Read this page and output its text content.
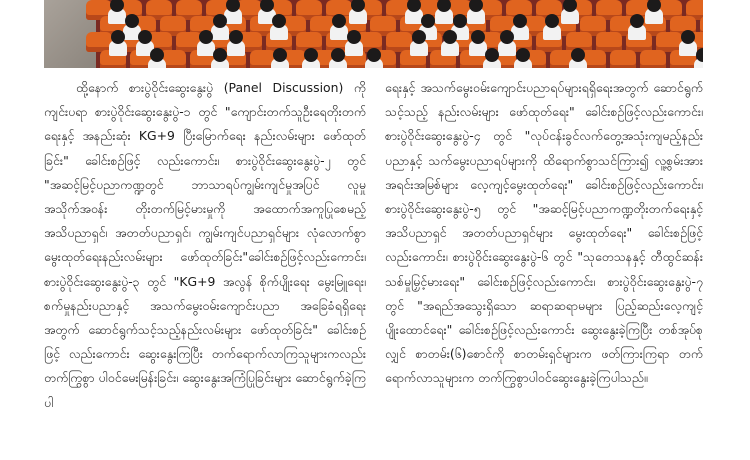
ထို့နောက် စားပွဲဝိုင်းဆွေးနွေးပွဲ (Panel Discussion) ကို ကျင်းပရာ စားပွဲဝိုင်းဆွေးနွေးပွဲ-၁ တွင် "ကျောင်းတက်သူဦးရေတိုးတက်ရေးနှင့် အနည်းဆုံး KG+9 ပြီးမြောက်ရေး နည်းလမ်းများ ဖော်ထုတ်ခြင်း" ခေါင်းစဉ်ဖြင့် လည်းကောင်း၊ စားပွဲဝိုင်းဆွေးနွေးပွဲ-၂ တွင် "အဆင့်မြင့်ပညာကဏ္ဍတွင် ဘာသာရပ်ကျွမ်းကျင်မှုအပြင် လူမှုအသိုက်အဝန်း တိုးတက်မြင့်မားမှုကို အထောက်အကူပြုစေမည့် အသိပညာရှင်၊ အတတ်ပညာရှင်၊ ကျွမ်းကျင်ပညာရှင်များ လုံလောက်စွာ မွေးထုတ်ရေးနည်းလမ်းများ ဖော်ထုတ်ခြင်း"ခေါင်းစဉ်ဖြင့်လည်းကောင်း၊ စားပွဲဝိုင်းဆွေးနွေးပွဲ-၃ တွင် "KG+9 အလွန် စိုက်ပျိုးရေး မွေးမြူရေး၊ စက်မှုနည်းပညာနှင့် အသက်မွေးဝမ်းကျောင်းပညာ အခြေခံရရှိရေးအတွက် ဆောင်ရွက်သင့်သည့်နည်းလမ်းများ ဖော်ထုတ်ခြင်း" ခေါင်းစဉ်ဖြင့် လည်းကောင်း ဆွေးနွေးကြပြီး တက်ရောက်လာကြသူများကလည်း တက်ကြွစွာ ပါဝင်မေးမြန်းခြင်း၊ ဆွေးနွေးအကြံပြုခြင်းများ ဆောင်ရွက်ခဲ့ကြပါ

ရေးနှင့် အသက်မွေးဝမ်းကျောင်းပညာရပ်များရရှိရေးအတွက် ဆောင်ရွက်သင့်သည့် နည်းလမ်းများ ဖော်ထုတ်ရေး" ခေါင်းစဉ်ဖြင့်လည်းကောင်း၊ စားပွဲဝိုင်းဆွေးနွေးပွဲ-၄ တွင် "လုပ်ငန်းခွင်လက်တွေ့အသုံးကျမည့်နည်းပညာနှင့် သက်မွေးပညာရပ်များကို ထိရောက်စွာသင်ကြား၍ လူ့စွမ်းအားအရင်းအမြစ်များ လေ့ကျင့်မွေးထုတ်ရေး" ခေါင်းစဉ်ဖြင့်လည်းကောင်း၊ စားပွဲဝိုင်းဆွေးနွေးပွဲ-၅ တွင် "အဆင့်မြင့်ပညာကဏ္ဍတိုးတက်ရေးနှင့် အသိပညာရှင် အတတ်ပညာရှင်များ မွေးထုတ်ရေး" ခေါင်းစဉ်ဖြင့်လည်းကောင်း၊ စားပွဲဝိုင်းဆွေးနွေးပွဲ-၆ တွင် "သုတေသနနှင့် တီထွင်ဆန်းသစ်မှုမြှင့်မားရေး" ခေါင်းစဉ်ဖြင့်လည်းကောင်း၊ စားပွဲဝိုင်းဆွေးနွေးပွဲ-၇ တွင် "အရည်အသွေးရှိသော ဆရာဆရာမများ ပြည့်ဆည်းလေ့ကျင့်ပျိုးထောင်ရေး" ခေါင်းစဉ်ဖြင့်လည်းကောင်း ဆွေးနွေးခဲ့ကြပြီး တစ်အုပ်စုလျှင် စာတမ်း(၆)စောင်ကို စာတမ်းရှင်များက ဖတ်ကြားကြရာ တက်ရောက်လာသူများက တက်ကြွစွာပါဝင်ဆွေးနွေးခဲ့ကြပါသည်။
